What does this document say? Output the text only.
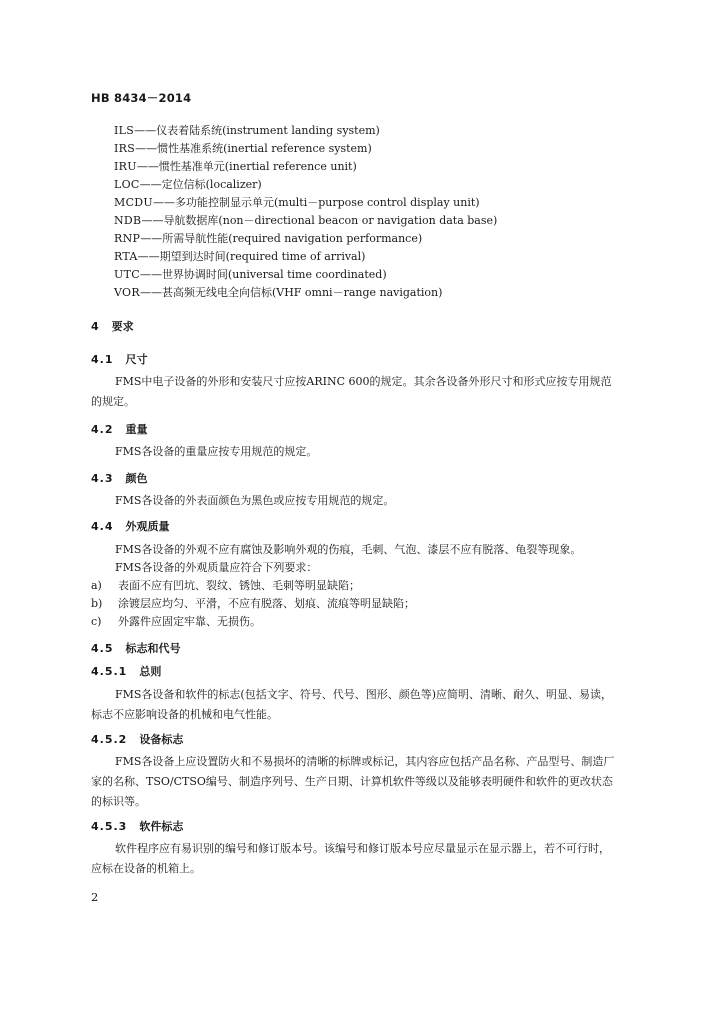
HB 8434－2014
ILS——仪表着陆系统(instrument landing system)
IRS——惯性基准系统(inertial reference system)
IRU——惯性基准单元(inertial reference unit)
LOC——定位信标(localizer)
MCDU——多功能控制显示单元(multi－purpose control display unit)
NDB——导航数据库(non－directional beacon or navigation data base)
RNP——所需导航性能(required navigation performance)
RTA——期望到达时间(required time of arrival)
UTC——世界协调时间(universal time coordinated)
VOR——甚高频无线电全向信标(VHF omni－range navigation)
4 要求
4.1 尺寸

FMS中电子设备的外形和安装尺寸应按ARINC 600的规定。其余各设备外形尺寸和形式应按专用规范的规定。

4.2 重量

FMS各设备的重量应按专用规范的规定。

4.3 颜色

FMS各设备的外表面颜色为黑色或应按专用规范的规定。

4.4 外观质量
FMS各设备的外观不应有腐蚀及影响外观的伤痕，毛刺、气泡、漆层不应有脱落、龟裂等现象。
FMS各设备的外观质量应符合下列要求：
a) 表面不应有凹坑、裂纹、锈蚀、毛刺等明显缺陷；
b) 涂镀层应均匀、平滑，不应有脱落、划痕、流痕等明显缺陷；
c) 外露件应固定牢靠、无损伤。
4.5 标志和代号
4.5.1 总则

FMS各设备和软件的标志(包括文字、符号、代号、图形、颜色等)应简明、清晰、耐久、明显、易读，标志不应影响设备的机械和电气性能。

4.5.2 设备标志

FMS各设备上应设置防火和不易损坏的清晰的标牌或标记，其内容应包括产品名称、产品型号、制造厂家的名称、TSO/CTSO编号、制造序列号、生产日期、计算机软件等级以及能够表明硬件和软件的更改状态的标识等。

4.5.3 软件标志

软件程序应有易识别的编号和修订版本号。该编号和修订版本号应尽量显示在显示器上，若不可行时，应标在设备的机箱上。

2
